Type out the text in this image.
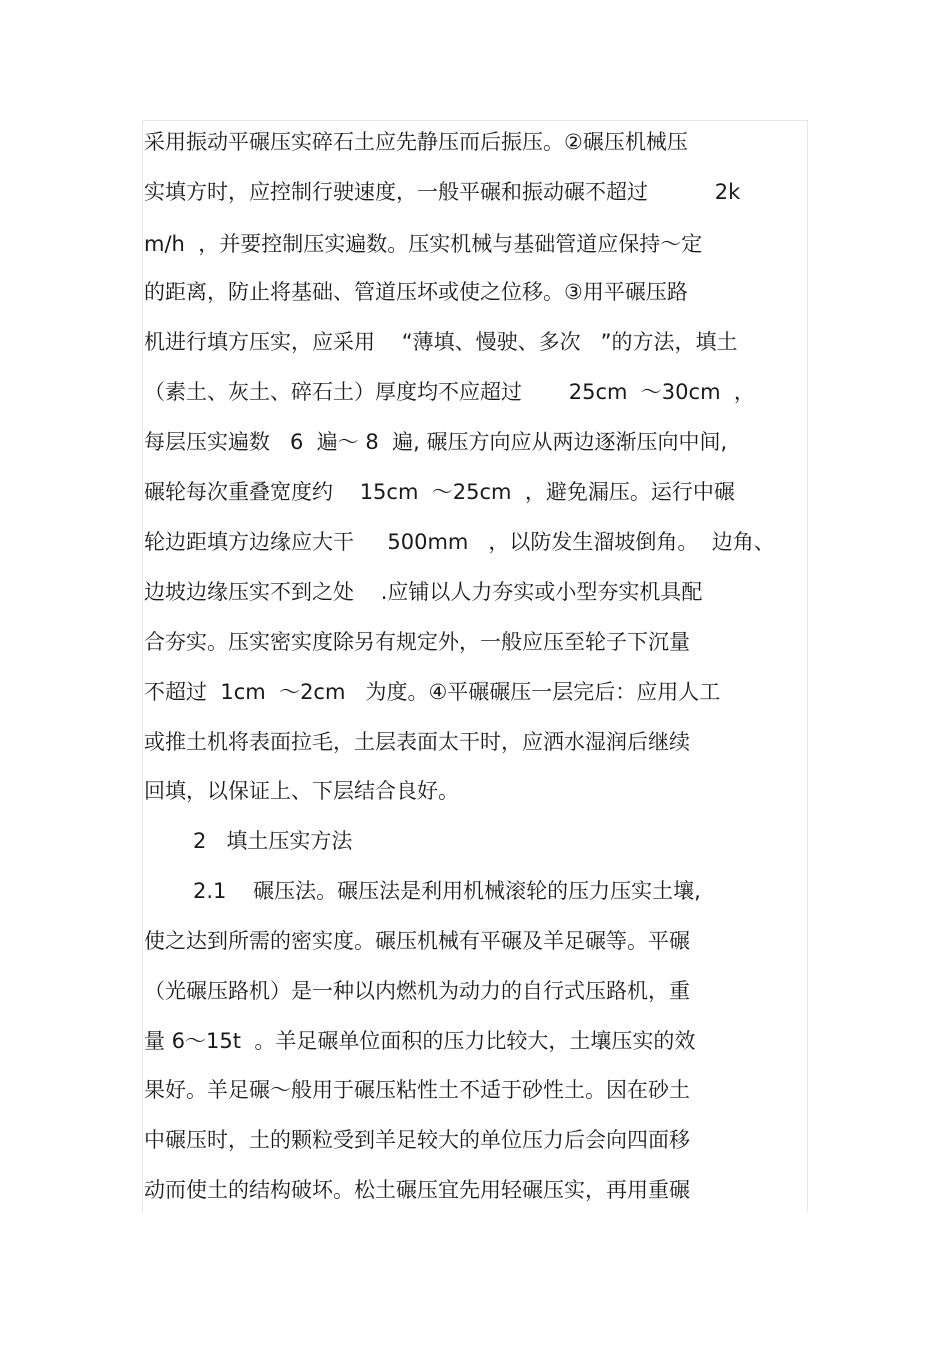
采用振动平碾压实碎石土应先静压而后振压。②碾压机械压
实填方时，应控制行驶速度，一般平碾和振动碾不超过          2k
m/h  ，并要控制压实遍数。压实机械与基础管道应保持～定
的距离，防止将基础、管道压坏或使之位移。③用平碾压路
机进行填方压实，应采用    “薄填、慢驶、多次   ”的方法，填土
（素土、灰土、碎石土）厚度均不应超过       25cm  ～30cm  ，
每层压实遍数   6  遍～ 8  遍, 碾压方向应从两边逐渐压向中间,
碾轮每次重叠宽度约    15cm  ～25cm  ，避免漏压。运行中碾
轮边距填方边缘应大干     500mm   ，以防发生溜坡倒角。  边角、
边坡边缘压实不到之处    .应铺以人力夯实或小型夯实机具配
合夯实。压实密实度除另有规定外，一般应压至轮子下沉量
不超过  1cm  ～2cm   为度。④平碾碾压一层完后：应用人工
或推土机将表面拉毛，土层表面太干时，应洒水湿润后继续
回填，以保证上、下层结合良好。
2   填土压实方法
2.1    碾压法。碾压法是利用机械滚轮的压力压实土壤,
使之达到所需的密实度。碾压机械有平碾及羊足碾等。平碾
（光碾压路机）是一种以内燃机为动力的自行式压路机，重
量 6～15t  。羊足碾单位面积的压力比较大，土壤压实的效
果好。羊足碾～般用于碾压粘性土不适于砂性土。因在砂土
中碾压时，土的颗粒受到羊足较大的单位压力后会向四面移
动而使土的结构破坏。松土碾压宜先用轻碾压实，再用重碾
